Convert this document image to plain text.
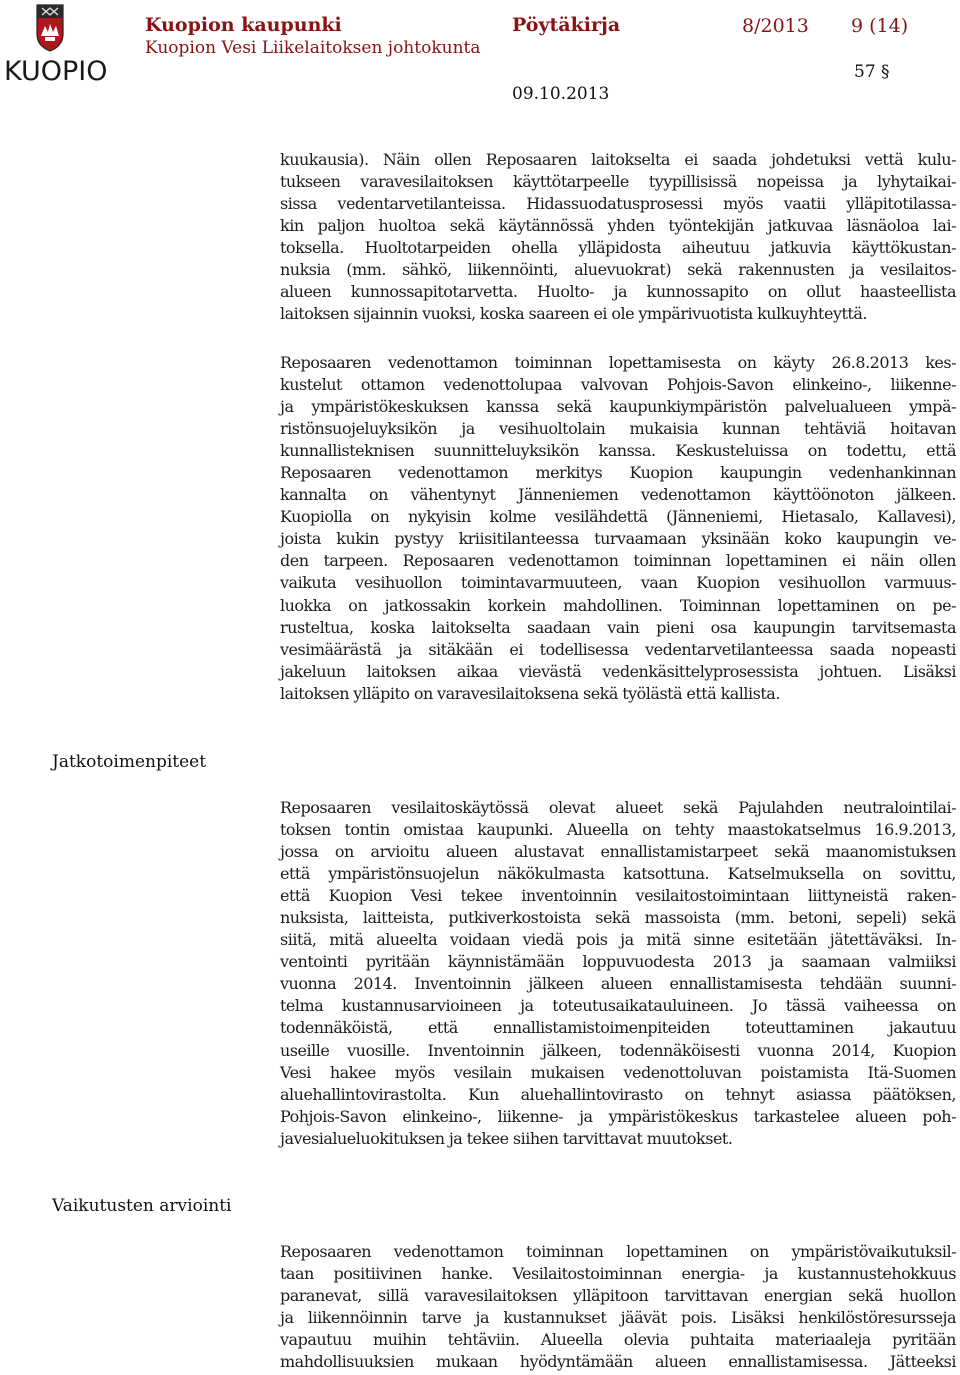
KUOPIO
Kuopion kaupunki
Kuopion Vesi Liikelaitoksen johtokunta
Pöytäkirja	8/2013 9 (14)
57 §
09.10.2013
kuukausia). Näin ollen Reposaaren laitokselta ei saada johdetuksi vettä kulu-
tukseen varavesilaitoksen käyttötarpeelle tyypillisissä nopeissa ja lyhytaikai-
sissa vedentarvetilanteissa. Hidassuodatusprosessi myös vaatii ylläpitotilassa-
kin paljon huoltoa sekä käytännössä yhden työntekijän jatkuvaa läsnäoloa lai-
toksella. Huoltotarpeiden ohella ylläpidosta aiheutuu jatkuvia käyttökustan-
nuksia (mm. sähkö, liikennöinti, aluevuokrat) sekä rakennusten ja vesilaitos-
alueen kunnossapitotarvetta. Huolto- ja kunnossapito on ollut haasteellista
laitoksen sijainnin vuoksi, koska saareen ei ole ympärivuotista kulkuyhteyttä.
Reposaaren vedenottamon toiminnan lopettamisesta on käyty 26.8.2013 kes-
kustelut ottamon vedenottolupaa valvovan Pohjois-Savon elinkeino-, liikenne-
ja ympäristökeskuksen kanssa sekä kaupunkiympäristön palvelualueen ympä-
ristönsuojeluyksikön ja vesihuoltolain mukaisia kunnan tehtäviä hoitavan
kunnallisteknisen suunnitteluyksikön kanssa. Keskusteluissa on todettu, että
Reposaaren vedenottamon merkitys Kuopion kaupungin vedenhankinnan
kannalta on vähentynyt Jänneniemen vedenottamon käyttöönoton jälkeen.
Kuopiolla on nykyisin kolme vesilähdettä (Jänneniemi, Hietasalo, Kallavesi),
joista kukin pystyy kriisitilanteessa turvaamaan yksinään koko kaupungin ve-
den tarpeen. Reposaaren vedenottamon toiminnan lopettaminen ei näin ollen
vaikuta vesihuollon toimintavarmuuteen, vaan Kuopion vesihuollon varmuus-
luokka on jatkossakin korkein mahdollinen. Toiminnan lopettaminen on pe-
rusteltua, koska laitokselta saadaan vain pieni osa kaupungin tarvitsemasta
vesimäärästä ja sitäkään ei todellisessa vedentarvetilanteessa saada nopeasti
jakeluun laitoksen aikaa vievästä vedenkäsittelyprosessista johtuen. Lisäksi
laitoksen ylläpito on varavesilaitoksena sekä työlästä että kallista.
Jatkotoimenpiteet
Reposaaren vesilaitoskäytössä olevat alueet sekä Pajulahden neutralointilai-
toksen tontin omistaa kaupunki. Alueella on tehty maastokatselmus 16.9.2013,
jossa on arvioitu alueen alustavat ennallistamistarpeet sekä maanomistuksen
että ympäristönsuojelun näkökulmasta katsottuna. Katselmuksella on sovittu,
että Kuopion Vesi tekee inventoinnin vesilaitostoimintaan liittyneistä raken-
nuksista, laitteista, putkiverkostoista sekä massoista (mm. betoni, sepeli) sekä
siitä, mitä alueelta voidaan viedä pois ja mitä sinne esitetään jätettäväksi. In-
ventointi pyritään käynnistämään loppuvuodesta 2013 ja saamaan valmiiksi
vuonna 2014. Inventoinnin jälkeen alueen ennallistamisesta tehdään suunni-
telma kustannusarvioineen ja toteutusaikatauluineen. Jo tässä vaiheessa on
todennäköistä, että ennallistamistoimenpiteiden toteuttaminen jakautuu
useille vuosille. Inventoinnin jälkeen, todennäköisesti vuonna 2014, Kuopion
Vesi hakee myös vesilain mukaisen vedenottoluvan poistamista Itä-Suomen
aluehallintovirastolta. Kun aluehallintovirasto on tehnyt asiassa päätöksen,
Pohjois-Savon elinkeino-, liikenne- ja ympäristökeskus tarkastelee alueen poh-
javesialueluokituksen ja tekee siihen tarvittavat muutokset.
Vaikutusten arviointi
Reposaaren vedenottamon toiminnan lopettaminen on ympäristövaikutuksil-
taan positiivinen hanke. Vesilaitostoiminnan energia- ja kustannustehokkuus
paranevat, sillä varavesilaitoksen ylläpitoon tarvittavan energian sekä huollon
ja liikennöinnin tarve ja kustannukset jäävät pois. Lisäksi henkilöstöresursseja
vapautuu muihin tehtäviin. Alueella olevia puhtaita materiaaleja pyritään
mahdollisuuksien mukaan hyödyntämään alueen ennallistamisessa. Jätteeksi
